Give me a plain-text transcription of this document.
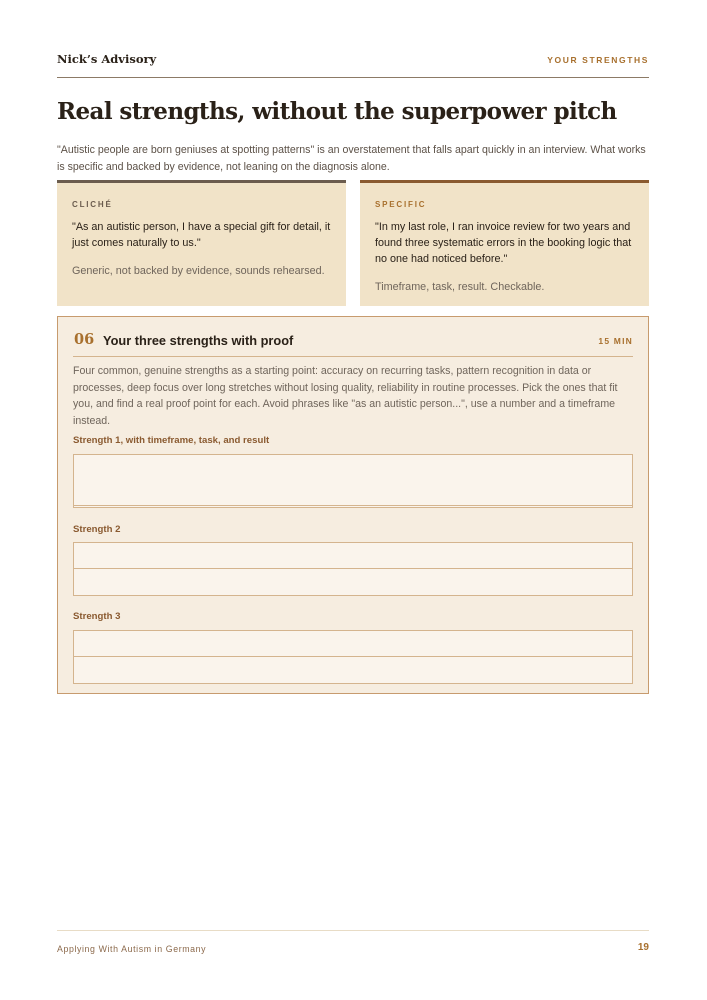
Nick’s Advisory	YOUR STRENGTHS
Real strengths, without the superpower pitch

"Autistic people are born geniuses at spotting patterns" is an overstatement that falls apart quickly in an interview. What works is specific and backed by evidence, not leaning on the diagnosis alone.

CLICHÉ
"As an autistic person, I have a special gift for detail, it just comes naturally to us."
Generic, not backed by evidence, sounds rehearsed.
SPECIFIC
"In my last role, I ran invoice review for two years and found three systematic errors in the booking logic that no one had noticed before."
Timeframe, task, result. Checkable.
06 Your three strengths with proof	15 MIN

Four common, genuine strengths as a starting point: accuracy on recurring tasks, pattern recognition in data or processes, deep focus over long stretches without losing quality, reliability in routine processes. Pick the ones that fit you, and find a real proof point for each. Avoid phrases like "as an autistic person...", use a number and a timeframe instead.

Strength 1, with timeframe, task, and result
Strength 2
Strength 3
Applying With Autism in Germany	19
